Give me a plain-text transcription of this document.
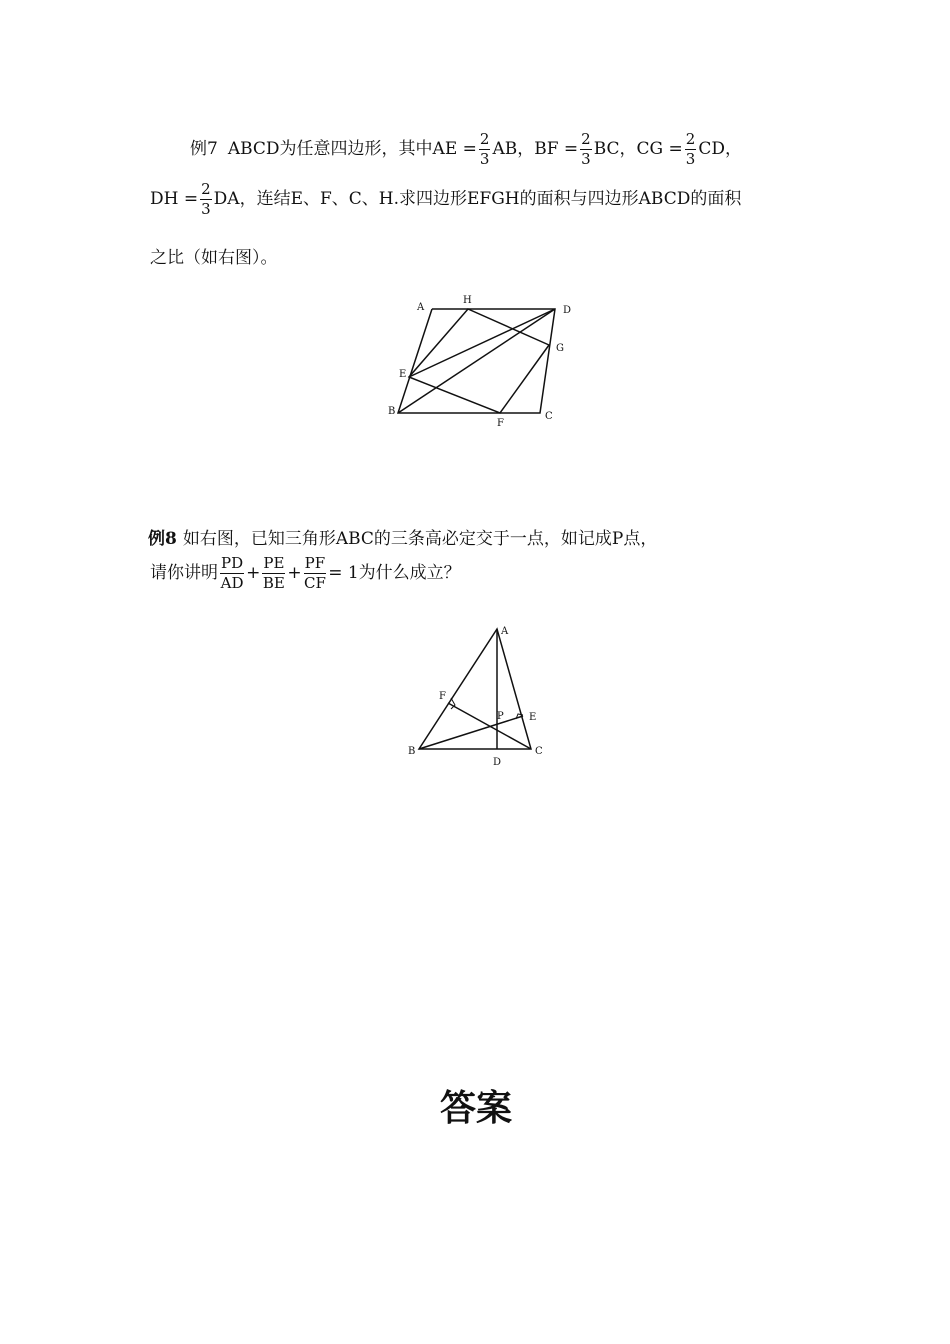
例7 ABCD为任意四边形，其中AE = $\frac{2}{3}$ AB，BF = $\frac{2}{3}$ BC，CG = $\frac{2}{3}$ CD，
DH = $\frac{2}{3}$ DA，连结E、F、C、H.求四边形EFGH的面积与四边形ABCD的面积
之比（如右图）。
A
H
D
G
E
B
F
C
例8 如右图，已知三角形ABC的三条高必定交于一点，如记成P点，
请你讲明 $\frac{PD}{AD} + \frac{PE}{BE} + \frac{PF}{CF} = 1$为什么成立？
A
F
P	E
B
D
C
答案
